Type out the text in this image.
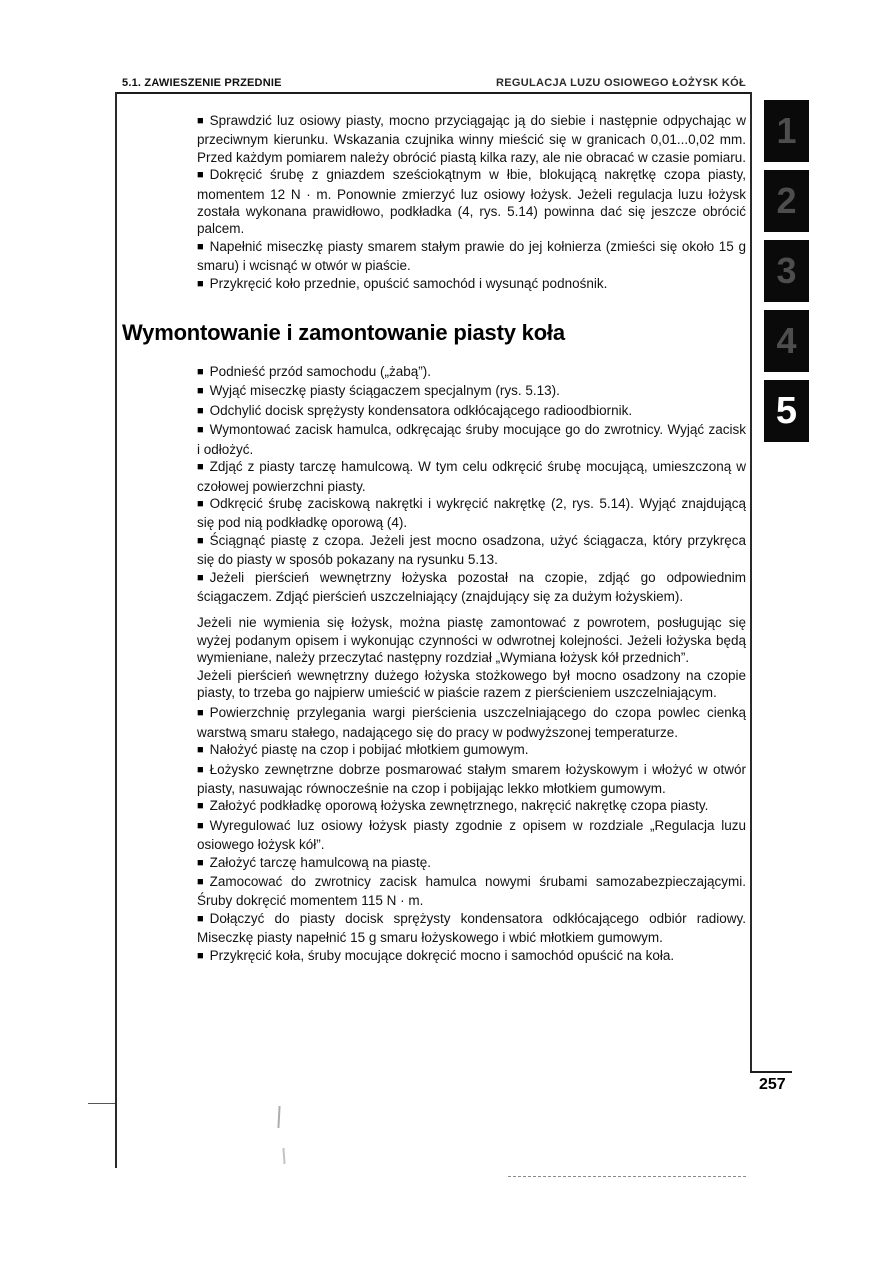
5.1. ZAWIESZENIE PRZEDNIE	REGULACJA LUZU OSIOWEGO ŁOŻYSK KÓŁ
1
2
3
4
5

■ Sprawdzić luz osiowy piasty, mocno przyciągając ją do siebie i następnie odpychając w przeciwnym kierunku. Wskazania czujnika winny mieścić się w granicach 0,01...0,02 mm. Przed każdym pomiarem należy obrócić piastą kilka razy, ale nie obracać w czasie pomiaru.

■ Dokręcić śrubę z gniazdem sześciokątnym w łbie, blokującą nakrętkę czopa piasty, momentem 12 N · m. Ponownie zmierzyć luz osiowy łożysk. Jeżeli regulacja luzu łożysk została wykonana prawidłowo, podkładka (4, rys. 5.14) powinna dać się jeszcze obrócić palcem.

■ Napełnić miseczkę piasty smarem stałym prawie do jej kołnierza (zmieści się około 15 g smaru) i wcisnąć w otwór w piaście.

■ Przykręcić koło przednie, opuścić samochód i wysunąć podnośnik.

Wymontowanie i zamontowanie piasty koła

■ Podnieść przód samochodu („żabą”).

■ Wyjąć miseczkę piasty ściągaczem specjalnym (rys. 5.13).

■ Odchylić docisk sprężysty kondensatora odkłócającego radioodbiornik.

■ Wymontować zacisk hamulca, odkręcając śruby mocujące go do zwrotnicy. Wyjąć zacisk i odłożyć.

■ Zdjąć z piasty tarczę hamulcową. W tym celu odkręcić śrubę mocującą, umieszczoną w czołowej powierzchni piasty.

■ Odkręcić śrubę zaciskową nakrętki i wykręcić nakrętkę (2, rys. 5.14). Wyjąć znajdującą się pod nią podkładkę oporową (4).

■ Ściągnąć piastę z czopa. Jeżeli jest mocno osadzona, użyć ściągacza, który przykręca się do piasty w sposób pokazany na rysunku 5.13.

■ Jeżeli pierścień wewnętrzny łożyska pozostał na czopie, zdjąć go odpowiednim ściągaczem. Zdjąć pierścień uszczelniający (znajdujący się za dużym łożyskiem).

Jeżeli nie wymienia się łożysk, można piastę zamontować z powrotem, posługując się wyżej podanym opisem i wykonując czynności w odwrotnej kolejności. Jeżeli łożyska będą wymieniane, należy przeczytać następny rozdział „Wymiana łożysk kół przednich”.

Jeżeli pierścień wewnętrzny dużego łożyska stożkowego był mocno osadzony na czopie piasty, to trzeba go najpierw umieścić w piaście razem z pierścieniem uszczelniającym.

■ Powierzchnię przylegania wargi pierścienia uszczelniającego do czopa powlec cienką warstwą smaru stałego, nadającego się do pracy w podwyższonej temperaturze.

■ Nałożyć piastę na czop i pobijać młotkiem gumowym.

■ Łożysko zewnętrzne dobrze posmarować stałym smarem łożyskowym i włożyć w otwór piasty, nasuwając równocześnie na czop i pobijając lekko młotkiem gumowym.

■ Założyć podkładkę oporową łożyska zewnętrznego, nakręcić nakrętkę czopa piasty.

■ Wyregulować luz osiowy łożysk piasty zgodnie z opisem w rozdziale „Regulacja luzu osiowego łożysk kół”.

■ Założyć tarczę hamulcową na piastę.

■ Zamocować do zwrotnicy zacisk hamulca nowymi śrubami samozabezpieczającymi. Śruby dokręcić momentem 115 N · m.

■ Dołączyć do piasty docisk sprężysty kondensatora odkłócającego odbiór radiowy. Miseczkę piasty napełnić 15 g smaru łożyskowego i wbić młotkiem gumowym.

■ Przykręcić koła, śruby mocujące dokręcić mocno i samochód opuścić na koła.

257
